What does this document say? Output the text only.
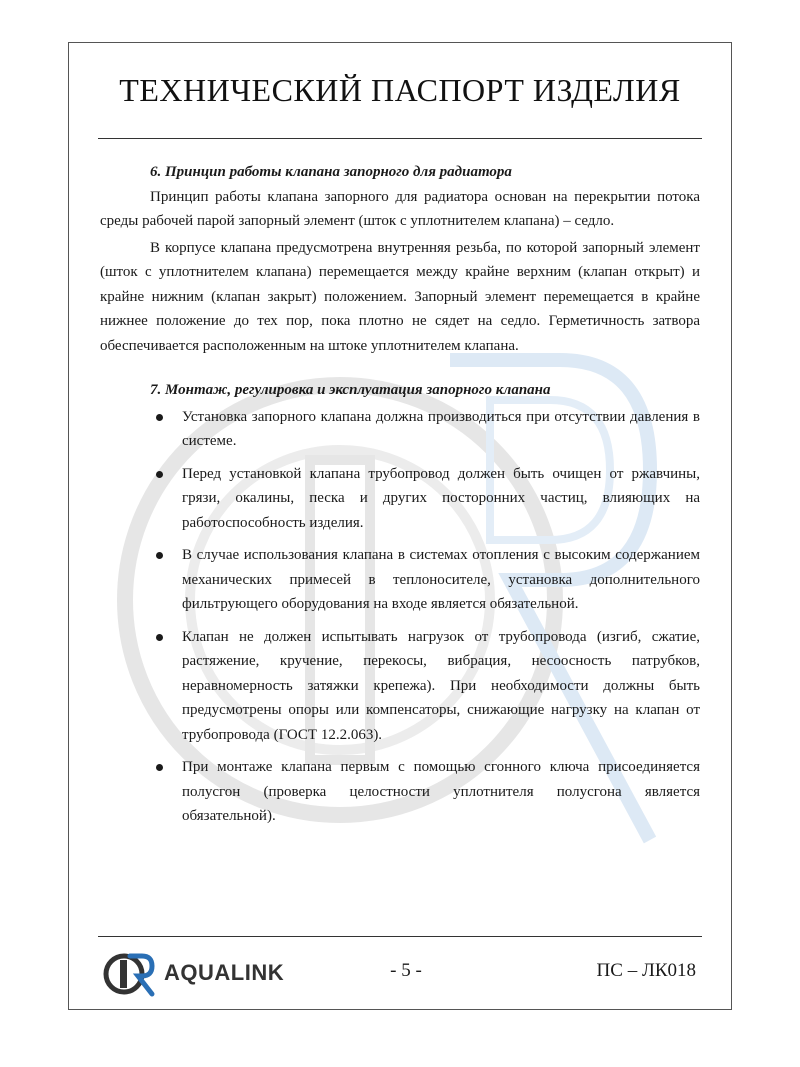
ТЕХНИЧЕСКИЙ ПАСПОРТ ИЗДЕЛИЯ

6. Принцип работы клапана запорного для радиатора

Принцип работы клапана запорного для радиатора основан на перекрытии потока среды рабочей парой запорный элемент (шток с уплотнителем клапана) – седло.

В корпусе клапана предусмотрена внутренняя резьба, по которой запорный элемент (шток с уплотнителем клапана) перемещается между крайне верхним (клапан открыт) и крайне нижним (клапан закрыт) положением. Запорный элемент перемещается в крайне нижнее положение до тех пор, пока плотно не сядет на седло. Герметичность затвора обеспечивается расположенным на штоке уплотнителем клапана.

7. Монтаж, регулировка и эксплуатация запорного клапана

Установка запорного клапана должна производиться при отсутствии давления в системе.
Перед установкой клапана трубопровод должен быть очищен от ржавчины, грязи, окалины, песка и других посторонних частиц, влияющих на работоспособность изделия.
В случае использования клапана в системах отопления с высоким содержанием механических примесей в теплоносителе, установка дополнительного фильтрующего оборудования на входе является обязательной.
Клапан не должен испытывать нагрузок от трубопровода (изгиб, сжатие, растяжение, кручение, перекосы, вибрация, несоосность патрубков, неравномерность затяжки крепежа). При необходимости должны быть предусмотрены опоры или компенсаторы, снижающие нагрузку на клапан от трубопровода (ГОСТ 12.2.063).
При монтаже клапана первым с помощью сгонного ключа присоединяется полусгон (проверка целостности уплотнителя полусгона является обязательной).
AQUALINK	- 5 -	ПС – ЛК018
